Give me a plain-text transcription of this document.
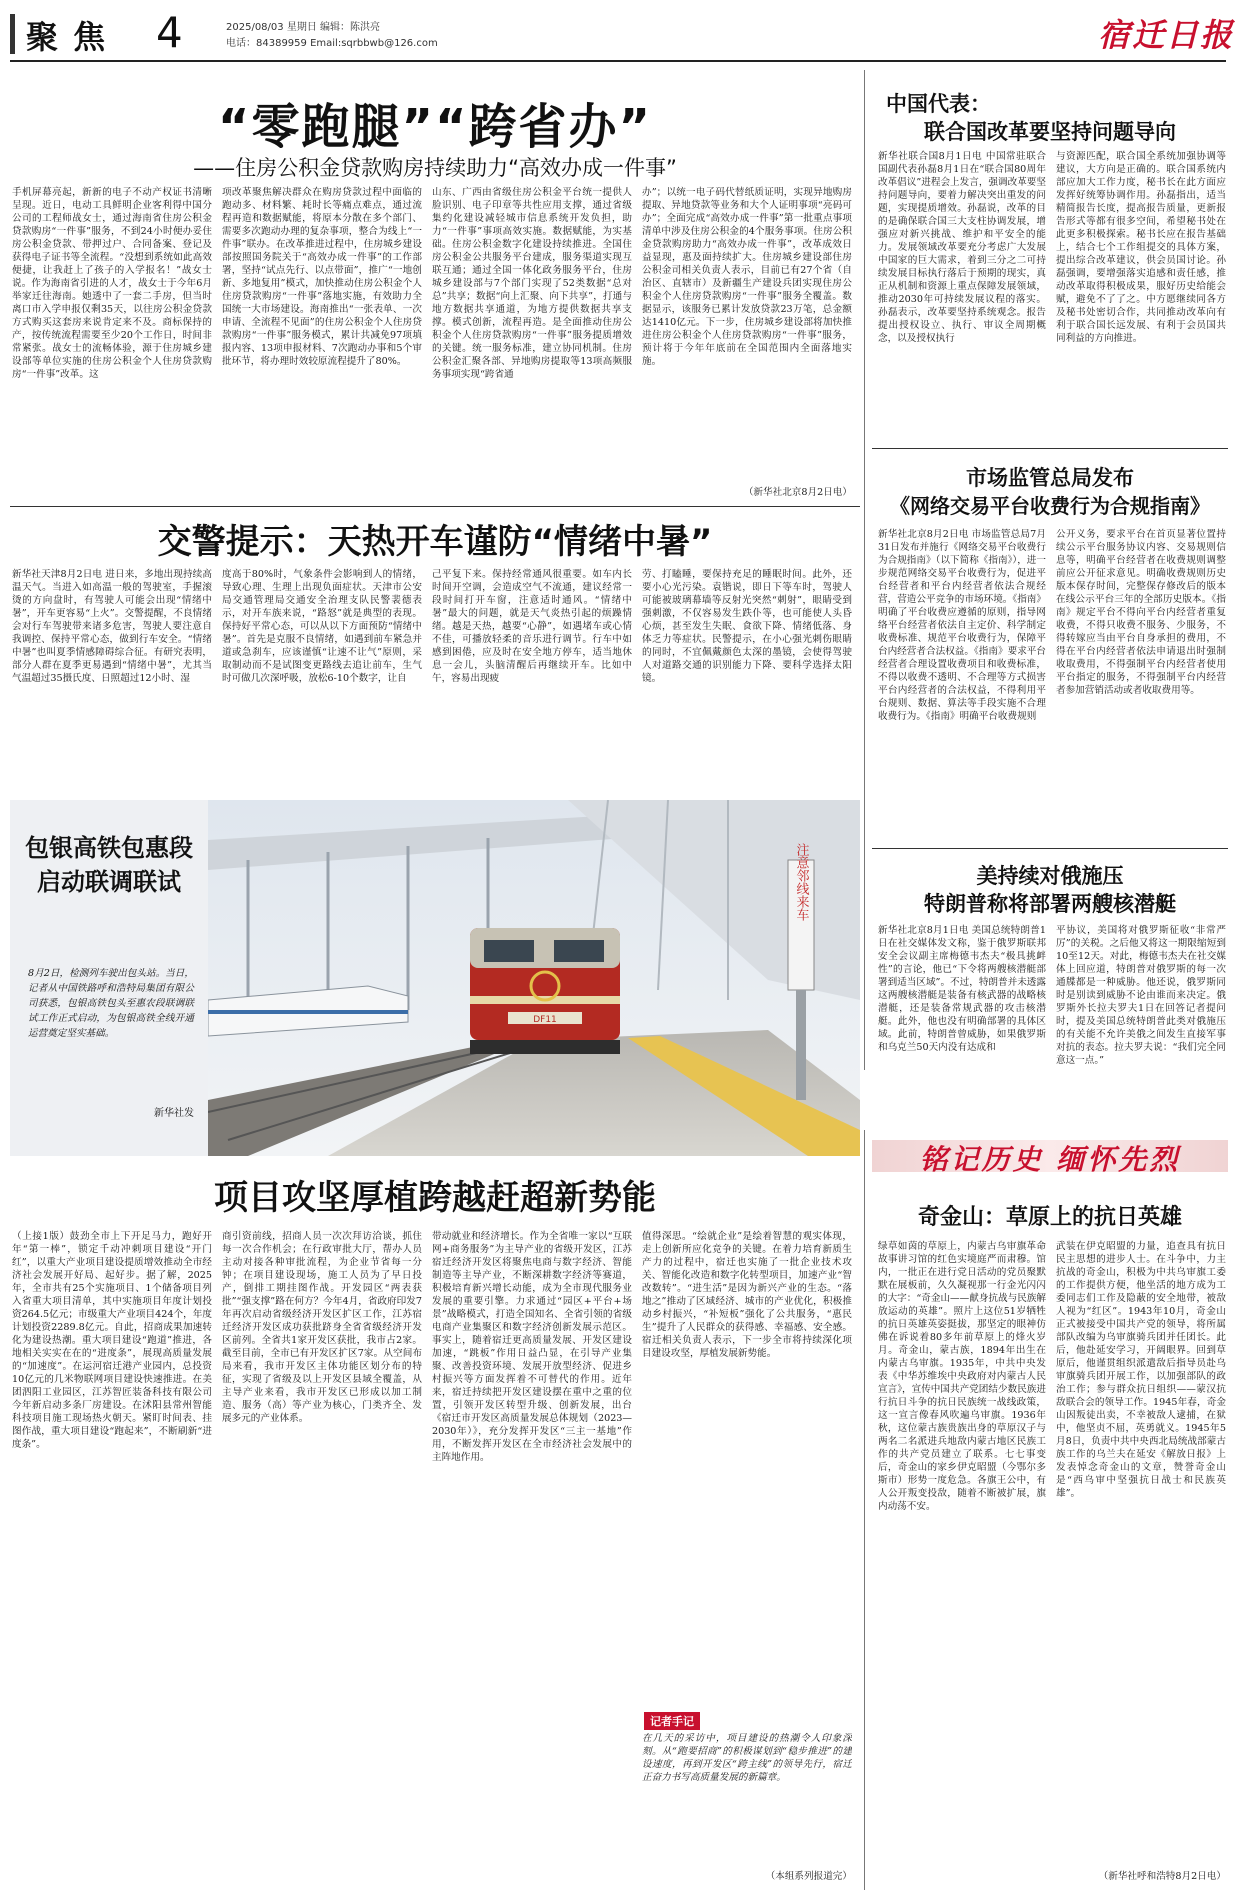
聚 焦 4	2025/08/03 星期日 编辑：陈洪亮
电话：84389959 Email:sqrbbwb@126.com	宿迁日报
“零跑腿”“跨省办”
——住房公积金贷款购房持续助力“高效办成一件事”
手机屏幕亮起，新新的电子不动产权证书清晰呈现。近日，电动工具鲜明企业客利得中国分公司的工程师战女士，通过海南省住房公积金贷款购房“一件事”服务，不到24小时便办妥住房公积金贷款、带押过户、合同备案、登记及获得电子证书等全流程。“没想到系统如此高效便捷，让我赶上了孩子的入学报名！”战女士说。作为海南省引进的人才，战女士于今年6月举家迁往海南。她透中了一套二手房，但当时离口市入学申报仅剩35天，以往房公积金贷款方式购买这套房来说肯定来不及。商标保持的产，按传统流程需要至少20个工作日，时间非常紧张。战女士的流畅体验，源于住房城乡建设部等单位实施的住房公积金个人住房贷款购房“一件事”改革。这
项改革聚焦解决群众在购房贷款过程中面临的跑动多、材料繁、耗时长等痛点难点，通过流程再造和数据赋能，将原本分散在多个部门、需要多次跑动办理的复杂事项，整合为线上“一件事”联办。在改革推进过程中，住房城乡建设部按照国务院关于“高效办成一件事”的工作部署，坚持“试点先行、以点带面”，推广“一地创新、多地复用”模式，加快推动住房公积金个人住房贷款购房“一件事”落地实施，有效助力全国统一大市场建设。海南推出“一张表单、一次申请、全流程不见面”的住房公积金个人住房贷款购房“一件事”服务模式，累计共减免97项填报内容、13项申报材料、7次跑动办事和5个审批环节，将办理时效较原流程提升了80%。
山东、广西由省级住房公积金平台统一提供人脸识别、电子印章等共性应用支撑，通过省级集约化建设减轻城市信息系统开发负担，助力“一件事”事项高效实施。数据赋能，为实基础。住房公积金数字化建设持续推进。全国住房公积金公共服务平台建成，服务渠道实现互联互通；通过全国一体化政务服务平台，住房城乡建设部与7个部门实现了52类数据“总对总”共享；数据“向上汇聚、向下共享”，打通与地方数据共享通道，为地方提供数据共享支撑。模式创新，流程再造。是全面推动住房公积金个人住房贷款购房“一件事”服务提质增效的关键。统一服务标准，建立协同机制。住房公积金汇聚各部、异地购房提取等13项高频服务事项实现“跨省通
办”；以统一电子码代替纸质证明，实现异地购房提取、异地贷款等业务和大个人证明事项“亮码可办”；全面完成“高效办成一件事”第一批重点事项清单中涉及住房公积金的4个服务事项。住房公积金贷款购房助力“高效办成一件事”，改革成效日益显现，惠及面持续扩大。住房城乡建设部住房公积金司相关负责人表示，目前已有27个省（自治区、直辖市）及新疆生产建设兵团实现住房公积金个人住房贷款购房“一件事”服务全覆盖。数据显示，该服务已累计发放贷款23万笔，总金额达1410亿元。下一步，住房城乡建设部将加快推进住房公积金个人住房贷款购房“一件事”服务，预计将于今年年底前在全国范围内全面落地实施。
（新华社北京8月2日电）
中国代表：
联合国改革要坚持问题导向
新华社联合国8月1日电 中国常驻联合国副代表孙磊8月1日在“联合国80周年改革倡议”进程会上发言，强调改革要坚持问题导向，要着力解决突出重发的问题，实现提质增效。孙磊说，改革的目的是确保联合国三大支柱协调发展，增强应对新兴挑战、维护和平安全的能力。发展领域改革要充分考虑广大发展中国家的巨大需求，着到三分之二可持续发展目标执行落后于预期的现实，真正从机制和资源上重点保障发展领域，推动2030年可持续发展议程的落实。孙磊表示，改革要坚持系统观念。报告提出授权设立、执行、审议全周期概念，以及授权执行
与资源匹配，联合国全系统加强协调等建议，大方向是正确的。联合国系统内部应加大工作力度，秘书长在此方面应发挥好统筹协调作用。孙磊指出，适当精简报告长度，提高报告质量，更新报告形式等都有很多空间，希望秘书处在此更多积极探索。秘书长应在报告基础上，结合七个工作组提交的具体方案，提出综合改革建议，供会员国讨论。孙磊强调，要增强落实追感和责任感，推动改革取得积极成果，服好历史给能会赋，避免不了了之。中方愿继续同各方及秘书处密切合作，共同推动改革向有利于联合国长远发展、有利于会员国共同利益的方向推进。
市场监管总局发布
《网络交易平台收费行为合规指南》
新华社北京8月2日电 市场监管总局7月31日发布并施行《网络交易平台收费行为合规指南》（以下简称《指南》），进一步规范网络交易平台收费行为，促进平台经营者和平台内经营者依法合规经营，营造公平竞争的市场环境。《指南》明确了平台收费应遵循的原则，指导网络平台经营者依法自主定价、科学制定收费标准、规范平台收费行为，保障平台内经营者合法权益。《指南》要求平台经营者合理设置收费项目和收费标准，不得以收费不透明、不合理等方式损害平台内经营者的合法权益，不得利用平台规则、数据、算法等手段实施不合理收费行为。《指南》明确平台收费规则
公开义务，要求平台在首页显著位置持续公示平台服务协议内容、交易规则信息等，明确平台经营者在收费规则调整前应公开征求意见。明确收费规则历史版本保存时间，完整保存修改后的版本在线公示平台三年的全部历史版本。《指南》规定平台不得向平台内经营者重复收费，不得只收费不服务、少服务，不得转嫁应当由平台自身承担的费用，不得在平台内经营者依法申请退出时强制收取费用，不得强制平台内经营者使用平台指定的服务，不得强制平台内经营者参加营销活动或者收取费用等。
美持续对俄施压
特朗普称将部署两艘核潜艇
新华社北京8月1日电 美国总统特朗普1日在社交媒体发文称，鉴于俄罗斯联邦安全会议副主席梅德韦杰夫“极具挑衅性”的言论，他已“下令将两艘核潜艇部署到适当区域”。不过，特朗普并未透露这两艘核潜艇是装备有核武器的战略核潜艇，还是装备常规武器的攻击核潜艇。此外，他也没有明确部署的具体区域。此前，特朗普曾威胁，如果俄罗斯和乌克兰50天内没有达成和
平协议，美国将对俄罗斯征收“非常严厉”的关税。之后他又将这一期限缩短到10至12天。对此，梅德韦杰夫在社交媒体上回应道，特朗普对俄罗斯的每一次通牒都是一种威胁。他还说，俄罗斯同时是别读到威胁不论由谁而来决定。俄罗斯外长拉夫罗夫1日在回答记者提问时，提及美国总统特朗普此类对俄施压的有关能不允许美俄之间发生直接军事对抗的表态。拉夫罗夫说：“我们完全同意这一点。”
交警提示：天热开车谨防“情绪中暑”
新华社天津8月2日电 进日来，多地出现持续高温天气。当进入如高温一般的驾驶室，手握滚烫的方向盘时，有驾驶人可能会出现“情绪中暑”，开车更容易“上火”。交警提醒，不良情绪会对行车驾驶带来诸多危害，驾驶人要注意自我调控、保持平常心态，做到行车安全。“情绪中暑”也叫夏季情感障碍综合征。有研究表明，部分人群在夏季更易遇到“情绪中暑”，尤其当气温超过35摄氏度、日照超过12小时、湿
度高于80%时，气象条件会影响到人的情绪，导致心理、生理上出现负面症状。天津市公安局交通管理局交通安全治理支队民警裴德表示，对开车族来说，“路怒”就是典型的表现。保持好平常心态，可以从以下方面预防“情绪中暑”。首先是克服不良情绪，如遇到前车紧急并道或急刹车，应该谨慎“让速不让气”原则，采取制动而不是试图变更路线去追让前车，生气时可做几次深呼吸，放松6-10个数字，让自
己平复下来。保持经常通风很重要。如车内长时间开空调，会造成空气不流通，建议经常一段时间打开车窗，注意适时通风。“情绪中暑”最大的问题，就是天气炎热引起的烦躁情绪。越是天热，越要“心静”，如遇堵车或心情不佳，可播放轻柔的音乐进行调节。行车中如感到困倦，应及时在安全地方停车，适当地休息一会儿，头脑清醒后再继续开车。比如中午，容易出现疲
劳、打瞌睡，要保持充足的睡眠时间。此外，还要小心光污染。袁锴说，即日下等车时，驾驶人可能被玻璃幕墙等反射光突然“刺射”，眼睛受到强刺激，不仅容易发生跌仆等，也可能使人头昏心烦，甚至发生失眠、食欲下降、情绪低落、身体乏力等症状。民警提示，在小心强光刺伤眼睛的同时，不宜佩戴颜色太深的墨镜，会使得驾驶人对道路交通的识别能力下降、要科学选择太阳镜。
包银高铁包惠段
启动联调联试
8月2日，检测列车驶出包头站。当日，记者从中国铁路呼和浩特局集团有限公司获悉，包银高铁包头至惠农段联调联试工作正式启动，为包银高铁全线开通运营奠定坚实基础。
新华社发
DF11
注意邻线来车
铭记历史 缅怀先烈
奇金山：草原上的抗日英雄
绿草如茵的草原上，内蒙古乌审旗革命故事讲习馆的红色实境庭严而肃穆。馆内，一批正在进行党日活动的党员聚默默在展板前，久久凝视那一行金光闪闪的大字：“奇金山——献身抗战与民族解放运动的英雄”。照片上这位51岁牺牲的抗日英雄英姿挺拔，那坚定的眼神仿佛在诉说着80多年前草原上的烽火岁月。奇金山，蒙古族，1894年出生在内蒙古乌审旗。1935年，中共中央发表《中华苏维埃中央政府对内蒙古人民宣言》，宣传中国共产党团结少数民族进行抗日斗争的抗日民族统一战线政策，这一宣言像春风吹遍乌审旗。1936年秋，这位蒙古族贵族出身的草原汉子与两名二名派进兵地敌内蒙古地区民族工作的共产党员建立了联系。七七事变后，奇金山的家乡伊克昭盟（今鄂尔多斯市）形势一度危急。各旗王公中，有人公开叛变投敌，随着不断被扩展，旗内动荡不安。
武装在伊克昭盟的力量，追查具有抗日民主思想的进步人士。在斗争中，力主抗战的奇金山，积极为中共乌审旗工委的工作提供方便，他坐活的地方成为工委同志们工作及隐蔽的安全地带，被敌人视为“红区”。1943年10月，奇金山正式被接受中国共产党的领导，将所属部队改编为乌审旗骑兵团并任团长。此后，他赴延安学习，开阔眼界。回到草原后，他谨贯组织派遣敌后指导员赴乌审旗骑兵团开展工作，以加强部队的政治工作；参与群众抗日组织——蒙汉抗敌联合会的领导工作。1945年春，奇金山因叛徒出卖，不幸被敌人逮捕，在狱中，他坚贞不屈，英勇就义。1945年5月8日，负责中共中央西北局统战部蒙古族工作的乌兰夫在延安《解放日报》上发表悼念奇金山的文章，赞誉奇金山是“西乌审中坚强抗日战士和民族英雄”。
（新华社呼和浩特8月2日电）
项目攻坚厚植跨越赶超新势能
（上接1版）鼓劲全市上下开足马力，跑好开年“第一棒”，锁定千动冲刺项目建设“开门红”，以重大产业项目建设提质增效推动全市经济社会发展开好局、起好步。据了解，2025年，全市共有25个实施项目、1个储备项目列入省重大项目清单，其中实施项目年度计划投资264.5亿元；市级重大产业项目424个，年度计划投资2289.8亿元。自此，招商成果加速转化为建设热潮。重大项目建设“跑道”推进，各地相关实实在在的“进度条”，展现高质量发展的“加速度”。在运河宿迁港产业园内，总投资10亿元的几米物联网项目建设快速推进。在美团泗阳工业园区，江苏智匠装备科技有限公司今年新启动多条厂房建设。在沭阳县常州智能科技项目施工现场热火朝天。紧盯时间表、挂图作战，重大项目建设“跑起来”，不断刷新“进度条”。
商引资前线，招商人员一次次拜访洽谈，抓住每一次合作机会；在行政审批大厅，帮办人员主动对接各种审批流程，为企业节省每一分钟；在项目建设现场，施工人员为了早日投产，倒排工期挂图作战。开发园区“两表获批”“强支撑”路在何方？今年4月，省政府印发7年再次启动省级经济开发区扩区工作，江苏宿迁经济开发区成功获批跻身全省省级经济开发区前列。全省共1家开发区获批，我市占2家。截至目前，全市已有开发区扩区7家。从空间布局来看，我市开发区主体功能区划分布的特征，实现了省级及以上开发区县域全覆盖，从主导产业来看，我市开发区已形成以加工制造、服务（高）等产业为核心，门类齐全、发展多元的产业体系。
带动就业和经济增长。作为全省唯一家以“互联网+商务服务”为主导产业的省级开发区，江苏宿迁经济开发区将聚焦电商与数字经济、智能制造等主导产业，不断深耕数字经济等赛道，积极培育新兴增长动能，成为全市现代服务业发展的重要引擎。力求通过“园区+平台+场景”战略模式，打造全国知名、全省引领的省级电商产业集聚区和数字经济创新发展示范区。事实上，随着宿迁更高质量发展、开发区建设加速，“跳板”作用日益凸显，在引导产业集聚、改善投资环境、发展开放型经济、促进乡村振兴等方面发挥着不可替代的作用。近年来，宿迁持续把开发区建设摆在重中之重的位置，引领开发区转型升级、创新发展，出台《宿迁市开发区高质量发展总体规划（2023—2030年）》，充分发挥开发区“三主一基地”作用，不断发挥开发区在全市经济社会发展中的主阵地作用。
值得深思。“绘就企业”是绘着智慧的观实体现，走上创新所应化竞争的关键。在着力培育新质生产力的过程中，宿迁也实施了一批企业技术攻关、智能化改造和数字化转型项目，加速产业“智改数转”。“进生活”是因为新兴产业的生态。“落地之”推动了区域经济、城市的产业优化，积极推动乡村振兴，“补短板”强化了公共服务，“惠民生”提升了人民群众的获得感、幸福感、安全感。宿迁相关负责人表示，下一步全市将持续深化项目建设攻坚，厚植发展新势能。
记者手记
在几天的采访中，项目建设的热潮令人印象深刻。从“跑要招商”的积极谋划到“稳步推进”的建设速度，再到开发区“跨主线”的领导先行，宿迁正奋力书写高质量发展的新篇章。
（本组系列报道完）
